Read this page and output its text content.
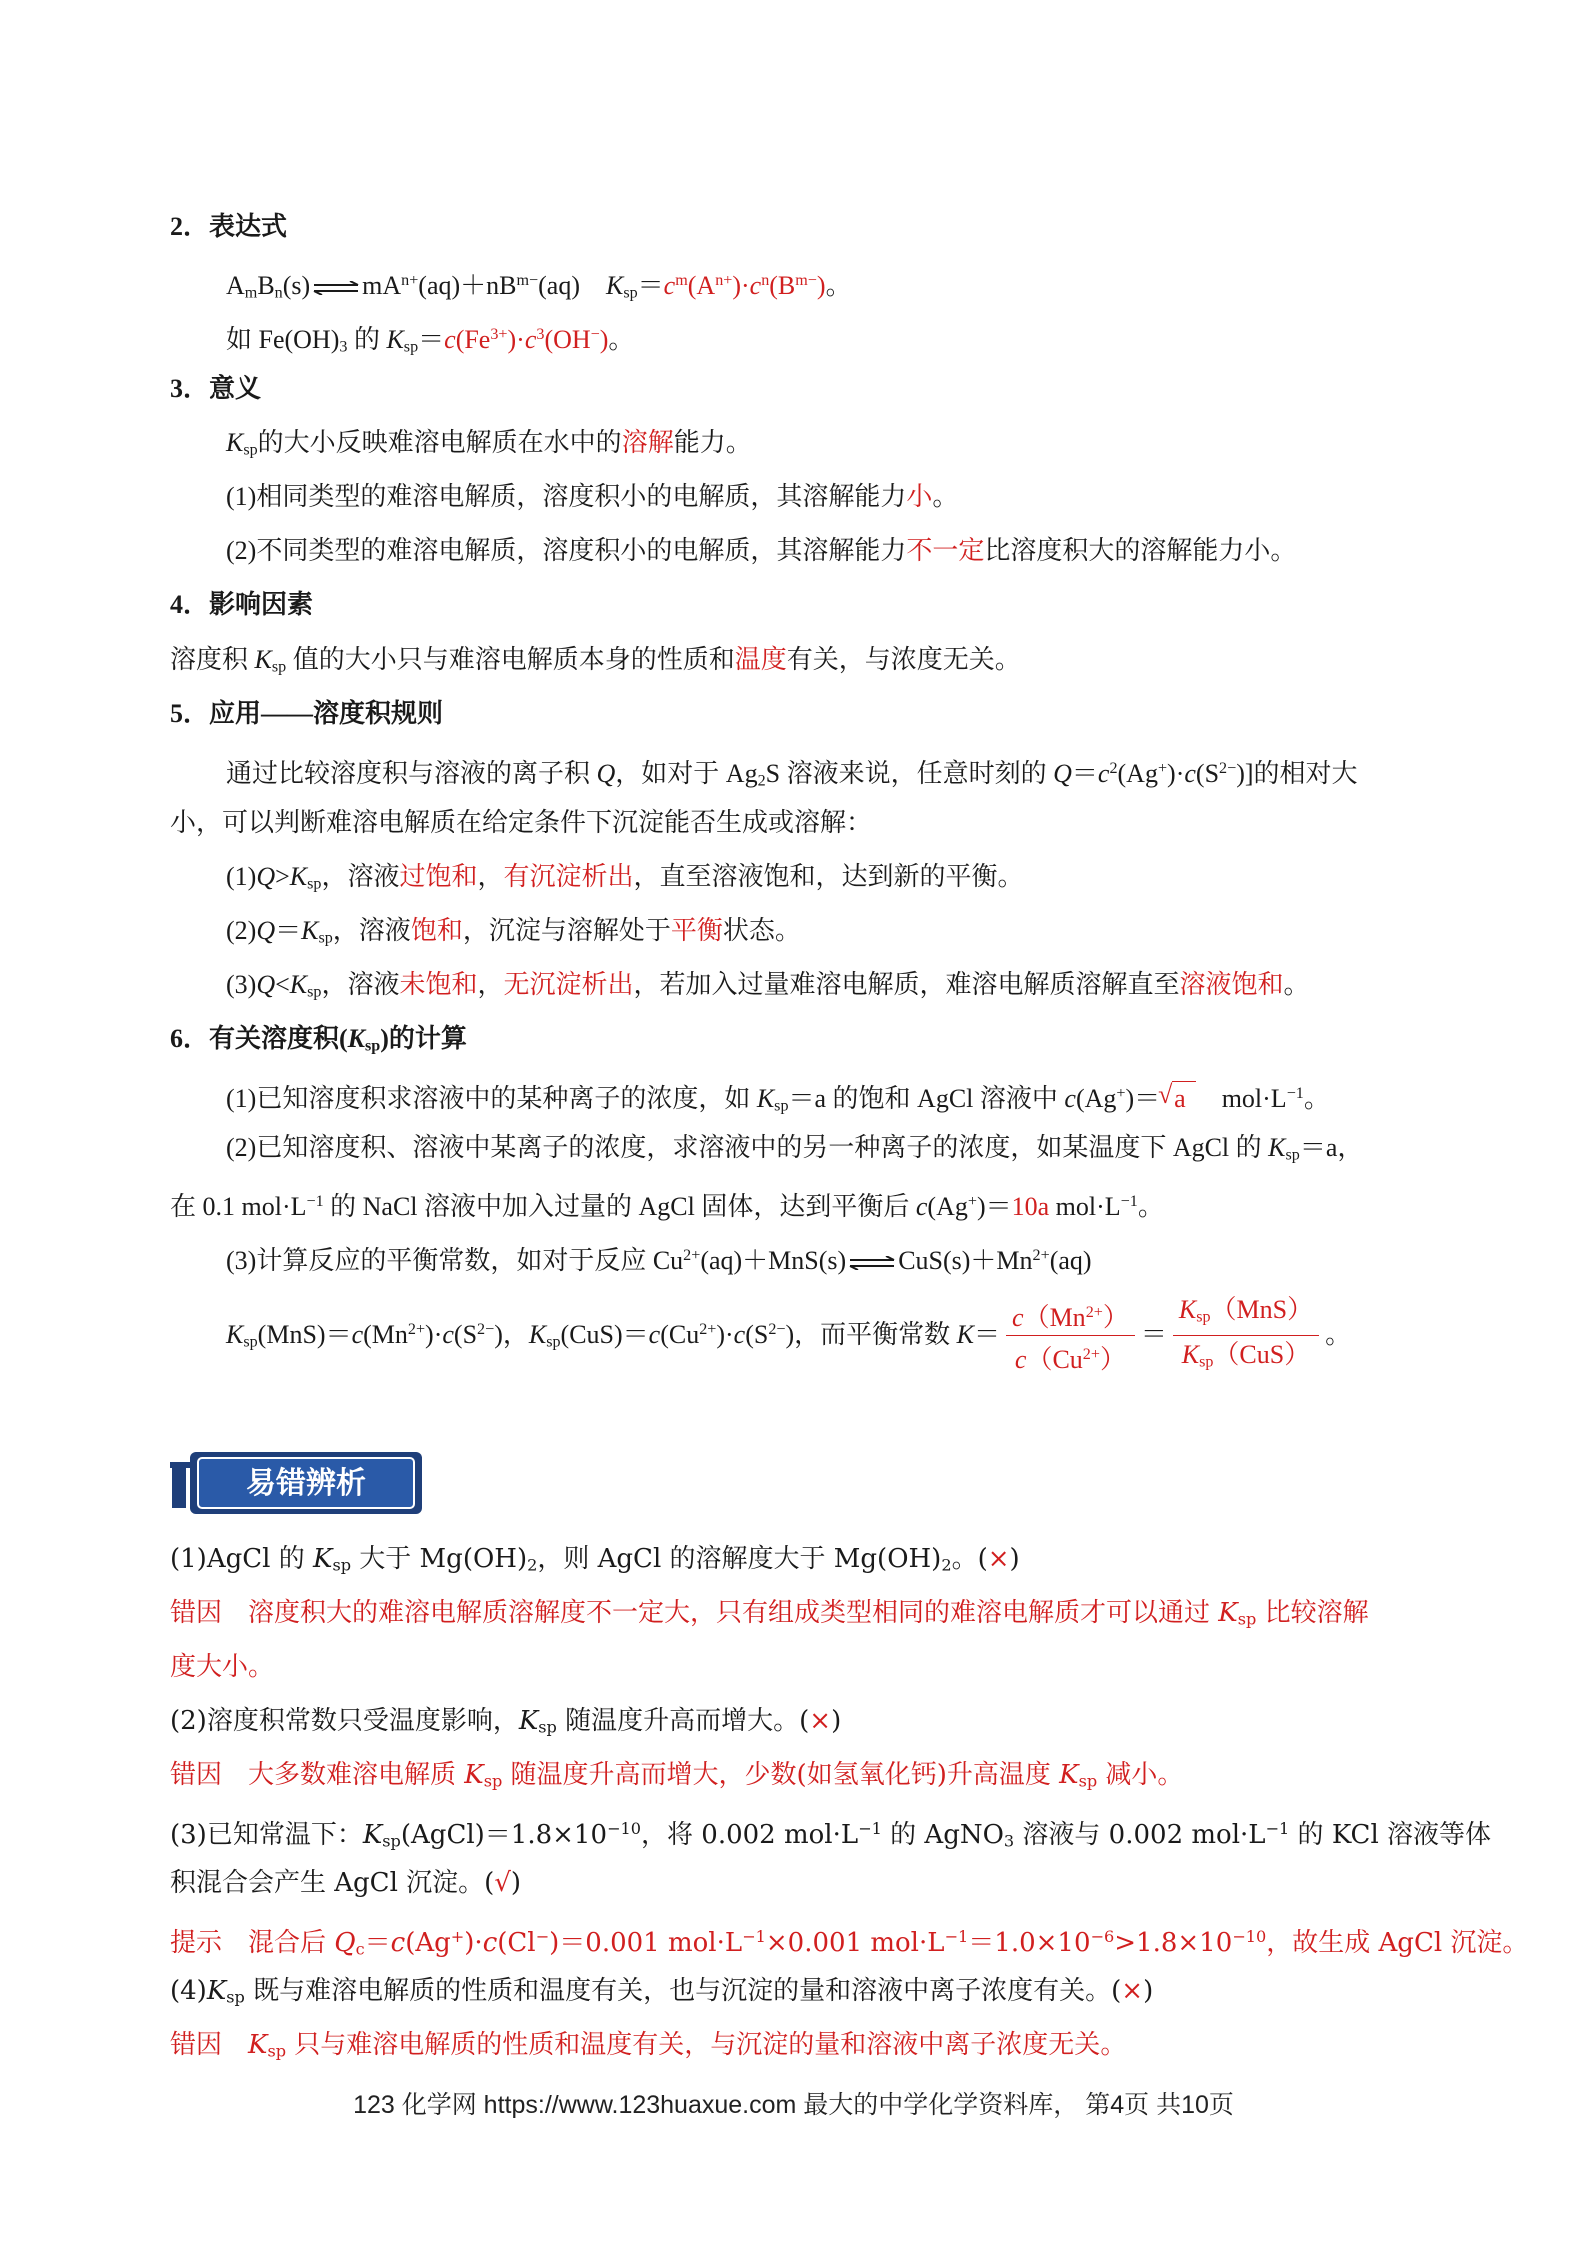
2．表达式
$A_mB_n(s)$ ⇌ $mA^{n+}(aq)+nB^{m-}(aq)$    $K_{sp}=c^m(A^{n+})\cdot c^n(B^{m-})$。
如 $Fe(OH)_3$ 的 $K_{sp}=c(Fe^{3+})\cdot c^3(OH^-)$。
3．意义
$K_{sp}$的大小反映难溶电解质在水中的溶解能力。
(1)相同类型的难溶电解质，溶度积小的电解质，其溶解能力小。
(2)不同类型的难溶电解质，溶度积小的电解质，其溶解能力不一定比溶度积大的溶解能力小。
4．影响因素
溶度积 $K_{sp}$ 值的大小只与难溶电解质本身的性质和温度有关，与浓度无关。
5．应用——溶度积规则
通过比较溶度积与溶液的离子积 Q，如对于 $Ag_2S$ 溶液来说，任意时刻的 $Q=c^2(Ag^+)\cdot c(S^{2-})$]的相对大
小，可以判断难溶电解质在给定条件下沉淀能否生成或溶解：
$(1)Q>K_{sp}$，溶液过饱和，有沉淀析出，直至溶液饱和，达到新的平衡。
$(2)Q=K_{sp}$，溶液饱和，沉淀与溶解处于平衡状态。
$(3)Q<K_{sp}$，溶液未饱和，无沉淀析出，若加入过量难溶电解质，难溶电解质溶解直至溶液饱和。
6．有关溶度积$(K_{sp})$的计算
(1)已知溶度积求溶液中的某种离子的浓度，如 $K_{sp}=a$ 的饱和 AgCl 溶液中 c(Ag+)＝ √ a $mol\cdot L^{-1}$。
(2)已知溶度积、溶液中某离子的浓度，求溶液中的另一种离子的浓度，如某温度下 AgCl 的 $K_{sp}=a$，
在 0.1 $mol\cdot L^{-1}$ 的 NaCl 溶液中加入过量的 AgCl 固体，达到平衡后 c(Ag+)＝10a $mol\cdot L^{-1}$。
(3)计算反应的平衡常数，如对于反应 $Cu^{2+}(aq)+MnS(s)$ ⇌ $CuS(s)+Mn^{2+}(aq)$
$K_{sp}(MnS)=c(Mn^{2+})\cdot c(S^{2-})$，$K_{sp}(CuS)=c(Cu^{2+})\cdot c(S^{2-})$，而平衡常数 $K= \frac{c(Mn^{2+})}{c(Cu^{2+})} = \frac{K_{sp}(MnS)}{K_{sp}(CuS)}$ 。
易错辨析
(1)AgCl 的 $K_{sp}$ 大于 $Mg(OH)_2$，则 AgCl 的溶解度大于 $Mg(OH)_2$。(×)
错因　溶度积大的难溶电解质溶解度不一定大，只有组成类型相同的难溶电解质才可以通过 $K_{sp}$ 比较溶解
度大小。
(2)溶度积常数只受温度影响，$K_{sp}$ 随温度升高而增大。(×)
错因　大多数难溶电解质 $K_{sp}$ 随温度升高而增大，少数(如氢氧化钙)升高温度 $K_{sp}$ 减小。
(3)已知常温下：$K_{sp}(AgCl)=1.8\times 10^{-10}$，将 0.002 $mol\cdot L^{-1}$ 的 AgNO$_3$ 溶液与 0.002 $mol\cdot L^{-1}$ 的 KCl 溶液等体
积混合会产生 AgCl 沉淀。(√)
提示　混合后 $Q_c=c(Ag^+)\cdot c(Cl^-)=0.001$ $mol\cdot L^{-1}\times 0.001$ $mol\cdot L^{-1}=1.0\times 10^{-6}>1.8\times 10^{-10}$，故生成 AgCl 沉淀。
$(4)K_{sp}$ 既与难溶电解质的性质和温度有关，也与沉淀的量和溶液中离子浓度有关。(×)
错因　$K_{sp}$ 只与难溶电解质的性质和温度有关，与沉淀的量和溶液中离子浓度无关。
123 化学网 https://www.123huaxue.com 最大的中学化学资料库， 第4页 共10页
